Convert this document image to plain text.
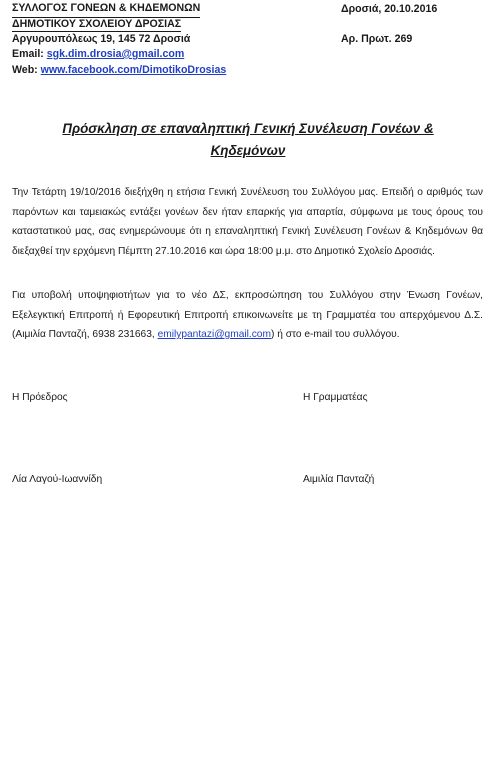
ΣΥΛΛΟΓΟΣ ΓΟΝΕΩΝ & ΚΗΔΕΜΟΝΩΝ	Δροσιά, 20.10.2016
ΔΗΜΟΤΙΚΟΥ ΣΧΟΛΕΙΟΥ ΔΡΟΣΙΑΣ
Αργυρουπόλεως 19, 145 72 Δροσιά	Αρ. Πρωτ. 269
Email: sgk.dim.drosia@gmail.com
Web: www.facebook.com/DimotikoDrosias
Πρόσκληση σε επαναληπτική Γενική Συνέλευση Γονέων &
Κηδεμόνων
Την Τετάρτη 19/10/2016 διεξήχθη η ετήσια Γενική Συνέλευση του Συλλόγου μας. Επειδή ο αριθμός των παρόντων και ταμειακώς εντάξει γονέων δεν ήταν επαρκής για απαρτία, σύμφωνα με τους όρους του καταστατικού μας, σας ενημερώνουμε ότι η επαναληπτική Γενική Συνέλευση Γονέων & Κηδεμόνων θα διεξαχθεί την ερχόμενη Πέμπτη 27.10.2016 και ώρα 18:00 μ.μ. στο Δημοτικό Σχολείο Δροσιάς.
Για υποβολή υποψηφιοτήτων για το νέο ΔΣ, εκπροσώπηση του Συλλόγου στην Ένωση Γονέων, Εξελεγκτική Επιτροπή ή Εφορευτική Επιτροπή επικοινωνείτε με τη Γραμματέα του απερχόμενου Δ.Σ. (Αιμιλία Πανταζή, 6938 231663, emilypantazi@gmail.com) ή στο e-mail του συλλόγου.
Η Πρόεδρος	Η Γραμματέας
Λία Λαγού-Ιωαννίδη	Αιμιλία Πανταζή
